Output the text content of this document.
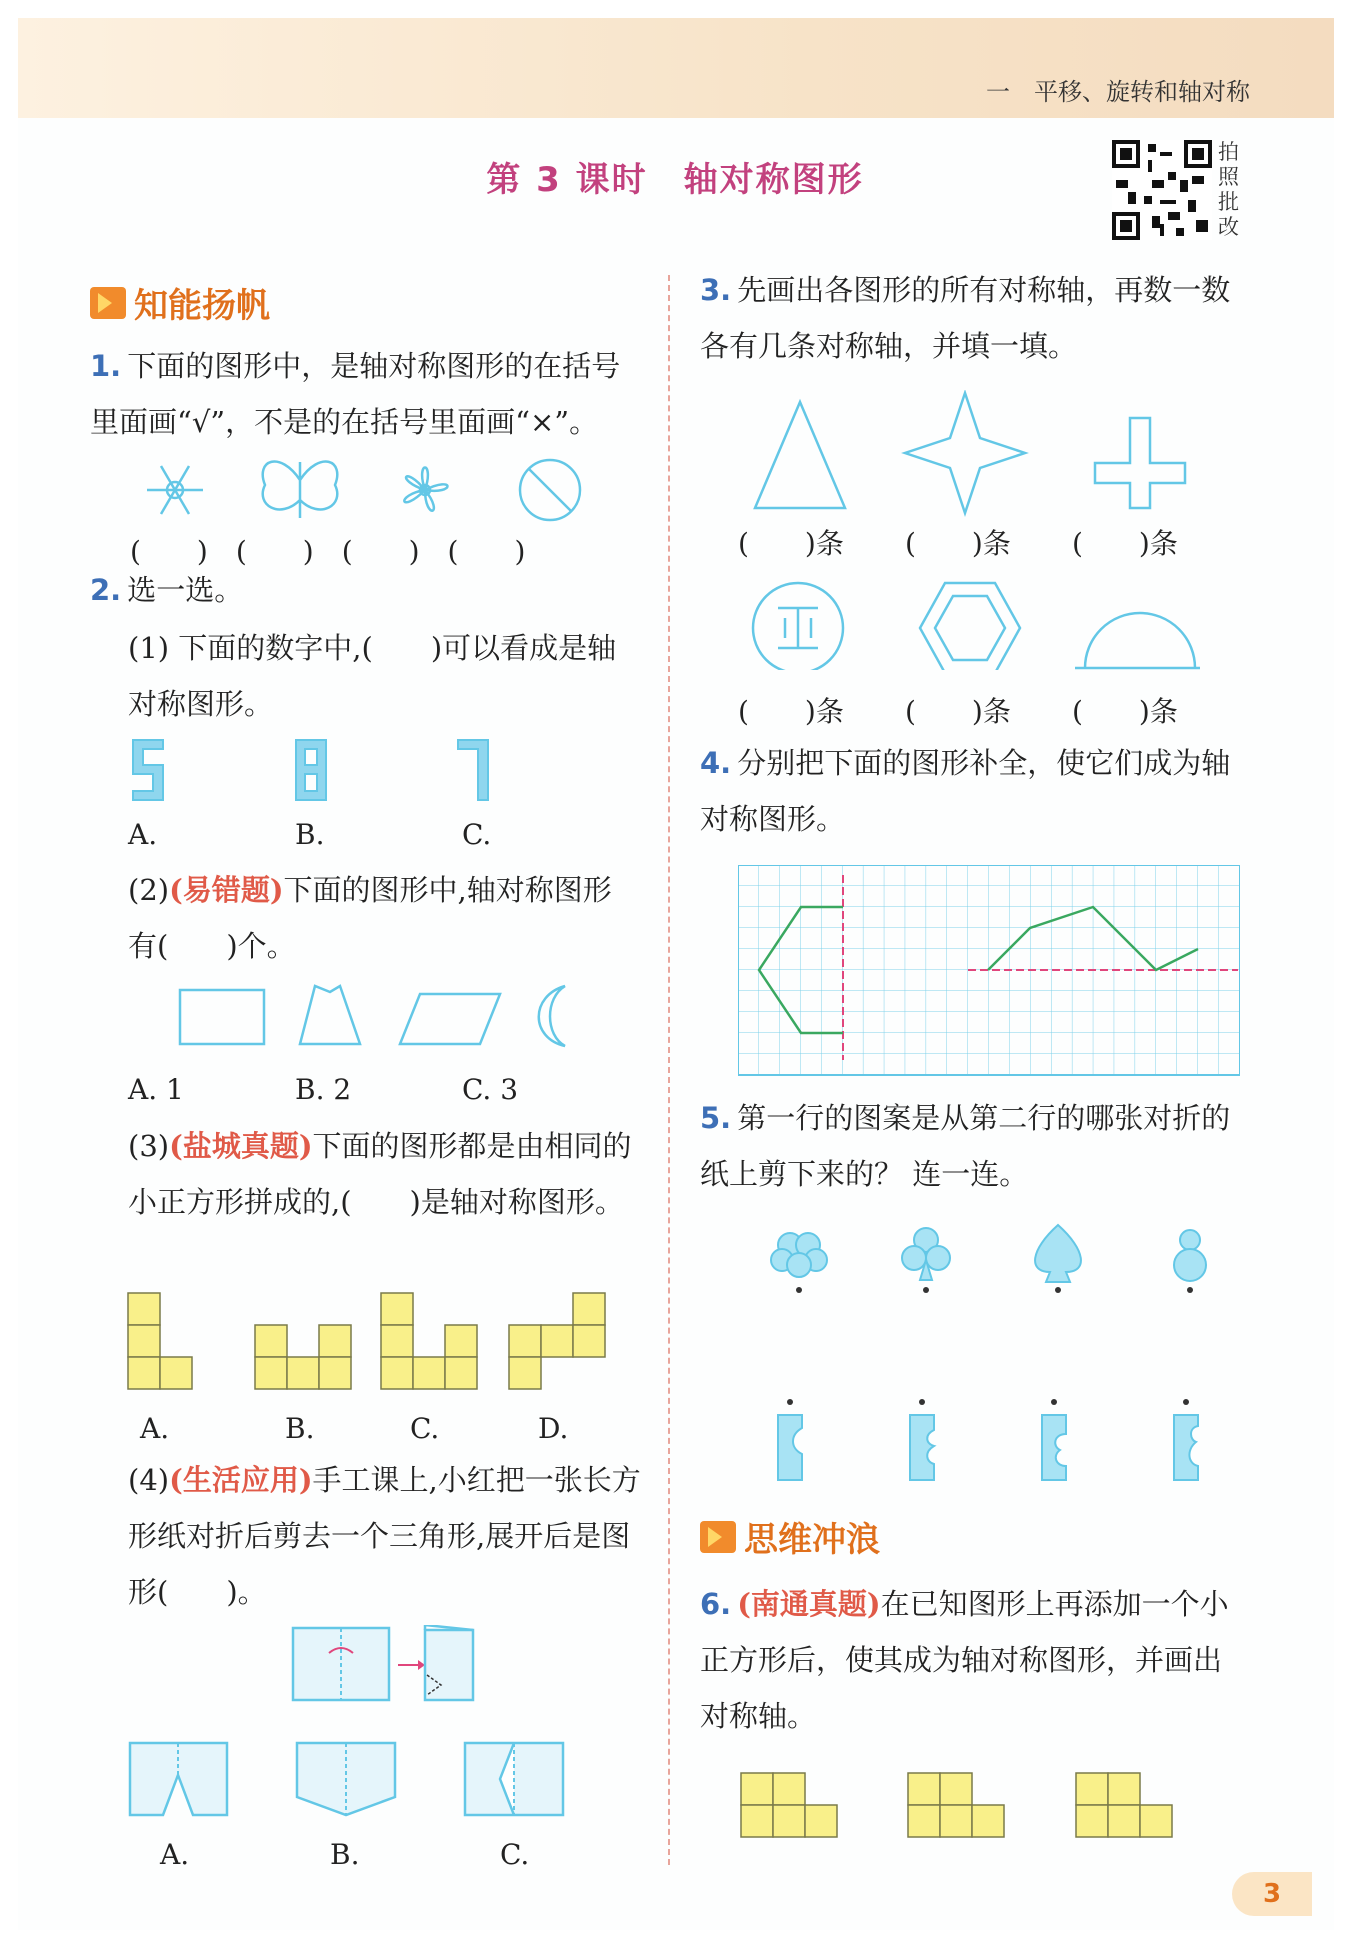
一　平移、旋转和轴对称
第 3 课时　轴对称图形
拍照批改
知能扬帆
1. 下面的图形中，是轴对称图形的在括号里面画“√”，不是的在括号里面画“×”。
(　　)　(　　)　(　　)　(　　)
2. 选一选。
(1) 下面的数字中,(　　)可以看成是轴对称图形。
A.	B.	C.
(2)(易错题)下面的图形中,轴对称图形有(　　)个。
A. 1	B. 2	C. 3
(3)(盐城真题)下面的图形都是由相同的小正方形拼成的,(　　)是轴对称图形。
A.	B.	C.	D.
(4)(生活应用)手工课上,小红把一张长方形纸对折后剪去一个三角形,展开后是图形(　　)。
A.	B.	C.
3. 先画出各图形的所有对称轴，再数一数各有几条对称轴，并填一填。
(　　)条 (　　)条 (　　)条
(　　)条 (　　)条 (　　)条
4. 分别把下面的图形补全，使它们成为轴对称图形。
5. 第一行的图案是从第二行的哪张对折的纸上剪下来的？ 连一连。
思维冲浪
6. (南通真题)在已知图形上再添加一个小正方形后，使其成为轴对称图形，并画出对称轴。
3
